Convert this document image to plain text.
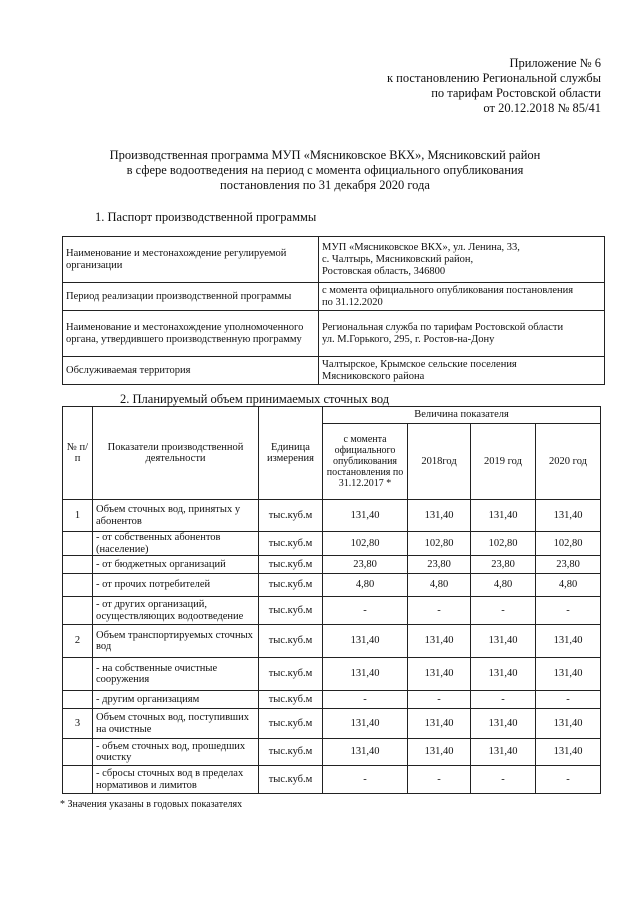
Приложение № 6
к постановлению Региональной службы
по тарифам Ростовской области
от 20.12.2018 № 85/41
Производственная программа МУП «Мясниковское ВКХ», Мясниковский район
в сфере водоотведения на период с момента официального опубликования
постановления по 31 декабря 2020 года
1. Паспорт производственной программы
Наименование и местонахождение регулируемой организации	МУП «Мясниковское ВКХ», ул. Ленина, 33,
с. Чалтырь, Мясниковский район,
Ростовская область, 346800

Период реализации производственной программы	с момента официального опубликования постановления
по 31.12.2020

Наименование и местонахождение уполномоченного органа, утвердившего производственную программу	Региональная служба по тарифам Ростовской области
ул. М.Горького, 295, г. Ростов-на-Дону

Обслуживаемая территория	Чалтырское, Крымское сельские поселения
Мясниковского района
2. Планируемый объем принимаемых сточных вод
№ п/п	Показатели производственной деятельности	Единица измерения	Величина показателя			
			с момента официального опубликования постановления по 31.12.2017 *	2018год	2019 год	2020 год
1	Объем сточных вод, принятых у абонентов	тыс.куб.м	131,40	131,40	131,40	131,40
	- от собственных абонентов (население)	тыс.куб.м	102,80	102,80	102,80	102,80
	- от бюджетных организаций	тыс.куб.м	23,80	23,80	23,80	23,80
	- от прочих потребителей	тыс.куб.м	4,80	4,80	4,80	4,80
	- от других организаций, осуществляющих водоотведение	тыс.куб.м	-	-	-	-
2	Объем транспортируемых сточных вод	тыс.куб.м	131,40	131,40	131,40	131,40
	- на собственные очистные сооружения	тыс.куб.м	131,40	131,40	131,40	131,40
	- другим организациям	тыс.куб.м	-	-	-	-
3	Объем сточных вод, поступивших на очистные	тыс.куб.м	131,40	131,40	131,40	131,40
	- объем сточных вод, прошедших очистку	тыс.куб.м	131,40	131,40	131,40	131,40
	- сбросы сточных вод в пределах нормативов и лимитов	тыс.куб.м	-	-	-	-
* Значения указаны в годовых показателях
